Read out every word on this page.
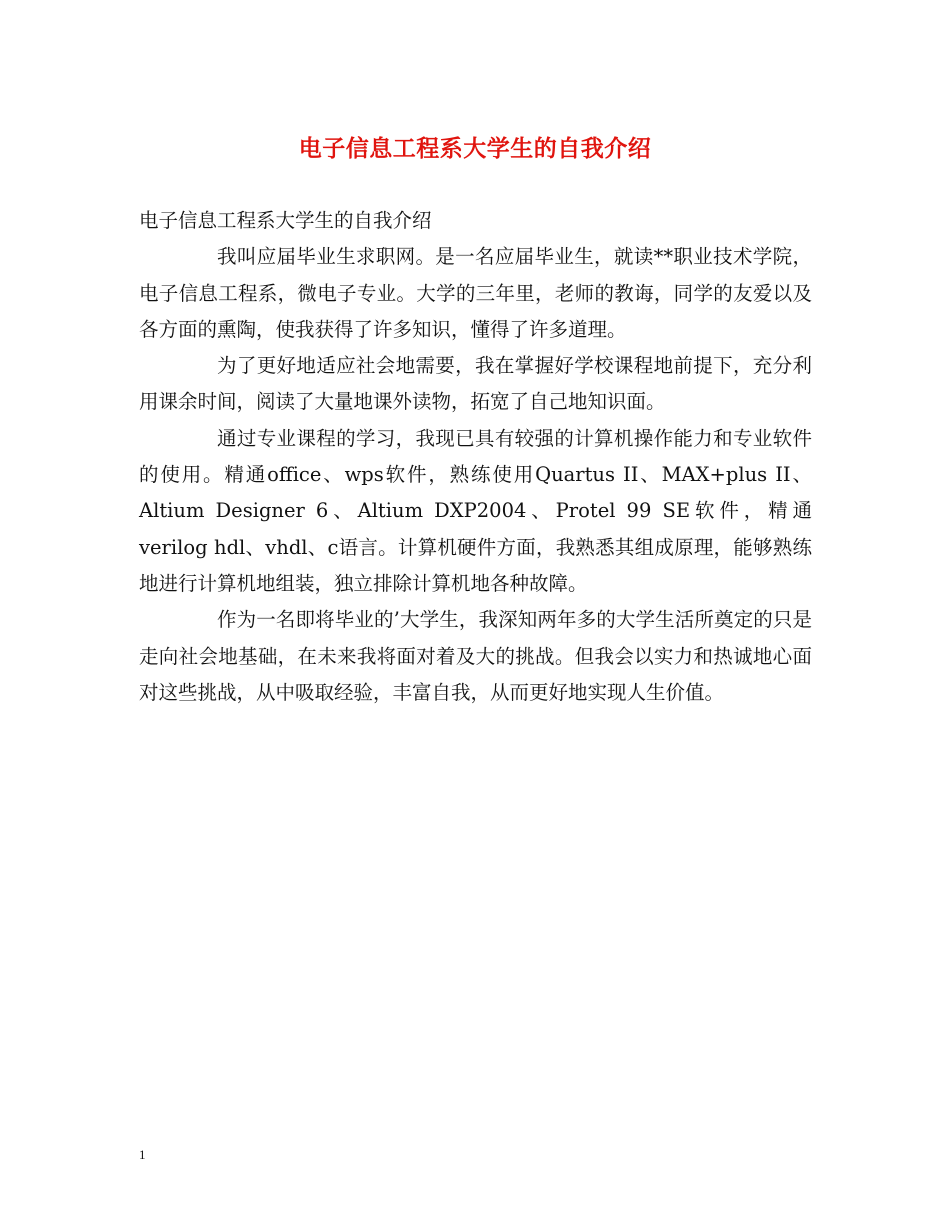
电子信息工程系大学生的自我介绍

电子信息工程系大学生的自我介绍

我叫应届毕业生求职网。是一名应届毕业生，就读**职业技术学院，电子信息工程系，微电子专业。大学的三年里，老师的教诲，同学的友爱以及各方面的熏陶，使我获得了许多知识，懂得了许多道理。

为了更好地适应社会地需要，我在掌握好学校课程地前提下，充分利用课余时间，阅读了大量地课外读物，拓宽了自己地知识面。

通过专业课程的学习，我现已具有较强的计算机操作能力和专业软件的使用。精通office、wps软件，熟练使用Quartus II、MAX+plus II、Altium Designer 6、Altium DXP2004、Protel 99 SE软件，精通verilog hdl、vhdl、c语言。计算机硬件方面，我熟悉其组成原理，能够熟练地进行计算机地组装，独立排除计算机地各种故障。

作为一名即将毕业的’大学生，我深知两年多的大学生活所奠定的只是走向社会地基础，在未来我将面对着及大的挑战。但我会以实力和热诚地心面对这些挑战，从中吸取经验，丰富自我，从而更好地实现人生价值。

1
